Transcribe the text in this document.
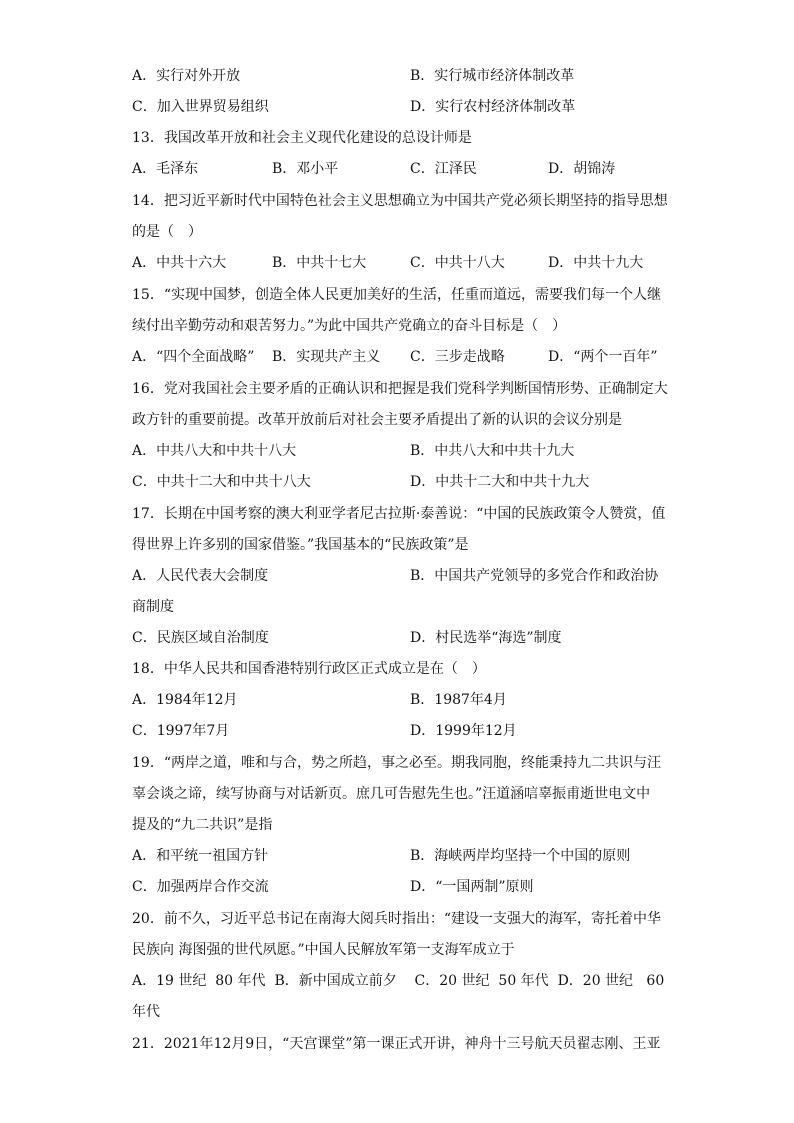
A．实行对外开放	B．实行城市经济体制改革
C．加入世界贸易组织	D．实行农村经济体制改革
13．我国改革开放和社会主义现代化建设的总设计师是
A．毛泽东	B．邓小平	C．江泽民	D．胡锦涛
14．把习近平新时代中国特色社会主义思想确立为中国共产党必须长期坚持的指导思想
的是（　）
A．中共十六大	B．中共十七大	C．中共十八大	D．中共十九大
15．“实现中国梦，创造全体人民更加美好的生活，任重而道远，需要我们每一个人继
续付出辛勤劳动和艰苦努力。”为此中国共产党确立的奋斗目标是（　）
A．“四个全面战略” B．实现共产主义 C．三步走战略	D．“两个一百年”
16．党对我国社会主要矛盾的正确认识和把握是我们党科学判断国情形势、正确制定大
政方针的重要前提。改革开放前后对社会主要矛盾提出了新的认识的会议分别是
A．中共八大和中共十八大	B．中共八大和中共十九大
C．中共十二大和中共十八大	D．中共十二大和中共十九大
17．长期在中国考察的澳大利亚学者尼古拉斯·泰善说：“中国的民族政策令人赞赏，值
得世界上许多别的国家借鉴。”我国基本的“民族政策”是
A．人民代表大会制度	B．中国共产党领导的多党合作和政治协
商制度
C．民族区域自治制度	D．村民选举“海选”制度
18．中华人民共和国香港特别行政区正式成立是在（　）
A．1984年12月	B．1987年4月
C．1997年7月	D．1999年12月
19．“两岸之道，唯和与合，势之所趋，事之必至。期我同胞，终能秉持九二共识与汪
辜会谈之谛，续写协商与对话新页。庶几可告慰先生也。”汪道涵唁辜振甫逝世电文中
提及的“九二共识”是指
A．和平统一祖国方针	B．海峡两岸均坚持一个中国的原则
C．加强两岸合作交流	D．“一国两制”原则
20．前不久，习近平总书记在南海大阅兵时指出：“建设一支强大的海军，寄托着中华
民族向 海图强的世代夙愿。”中国人民解放军第一支海军成立于
A．19 世纪  80 年代  B．新中国成立前夕    C．20 世纪  50 年代  D．20 世纪   60
年代
21．2021年12月9日，“天宫课堂”第一课正式开讲，神舟十三号航天员翟志刚、王亚
